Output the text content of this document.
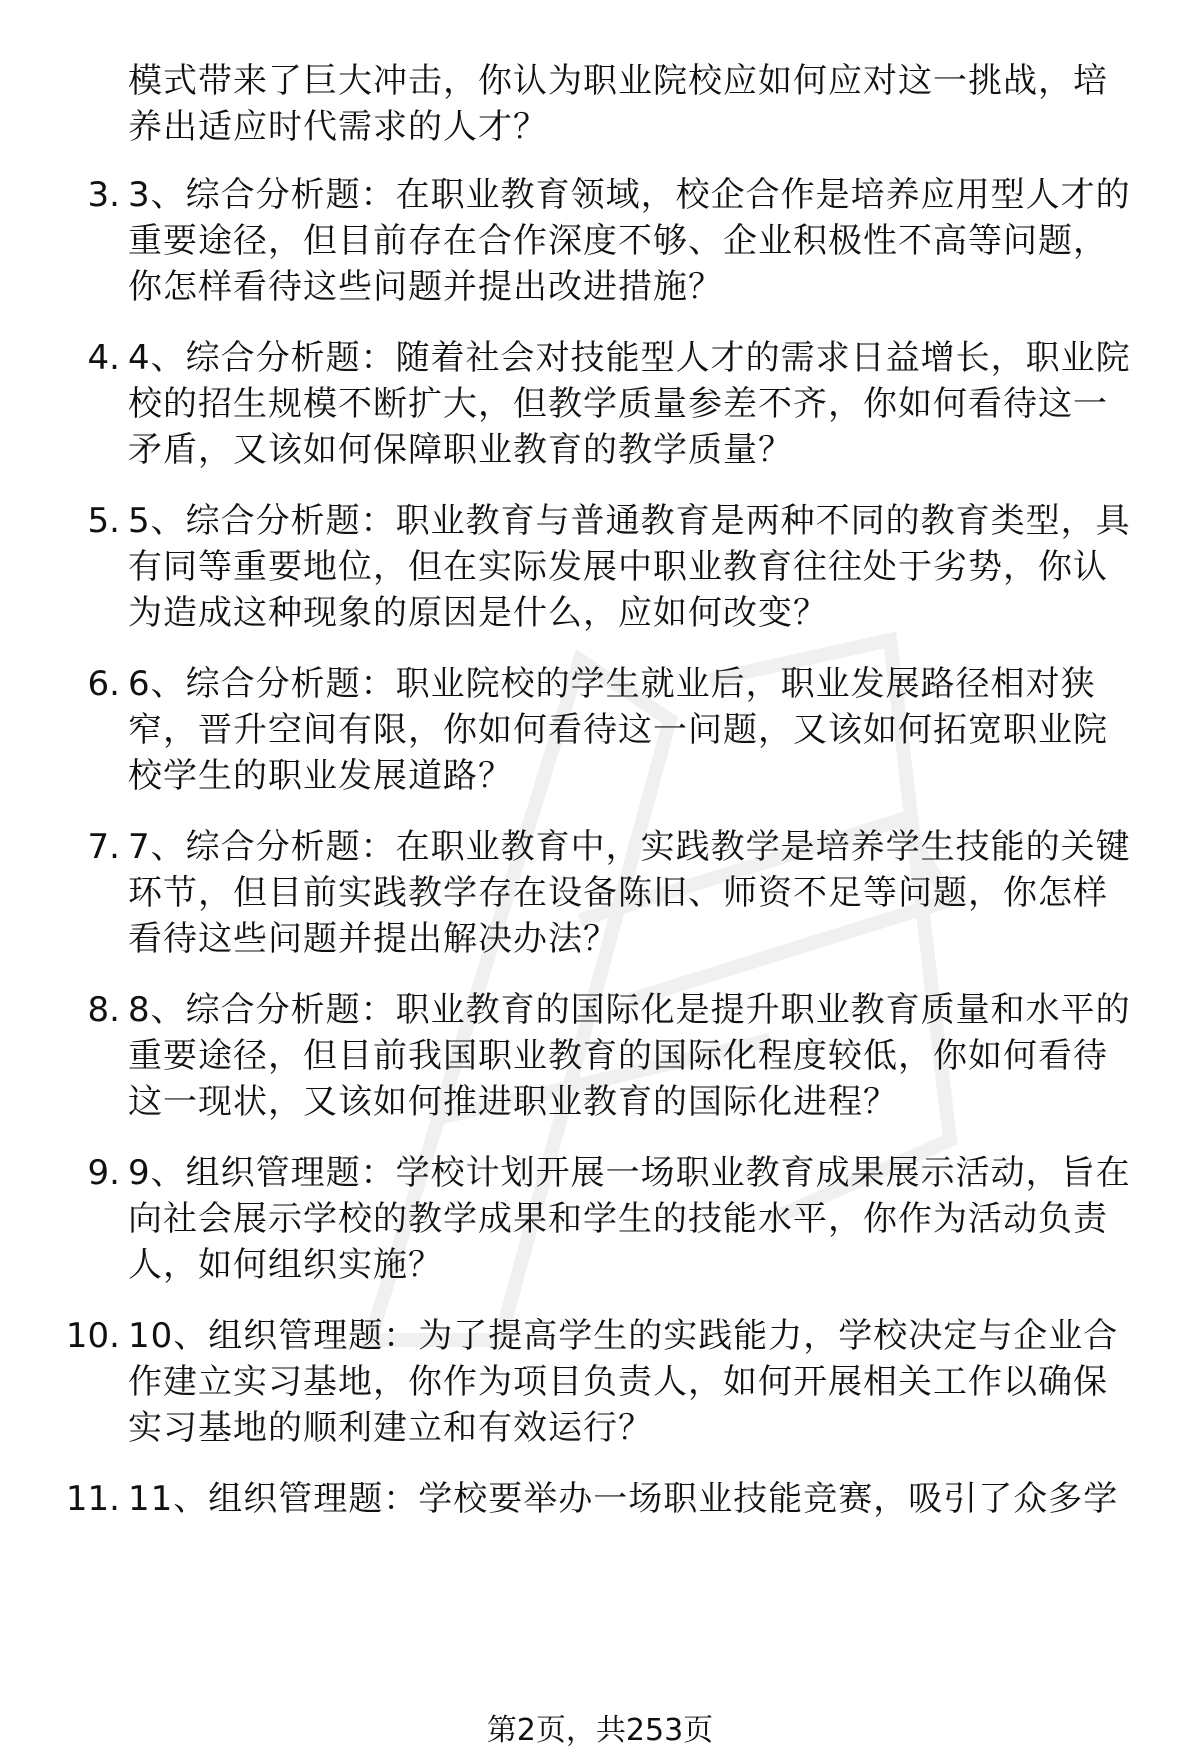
模式带来了巨大冲击，你认为职业院校应如何应对这一挑战，培
养出适应时代需求的人才？
3. 3、综合分析题：在职业教育领域，校企合作是培养应用型人才的
重要途径，但目前存在合作深度不够、企业积极性不高等问题，
你怎样看待这些问题并提出改进措施？
4. 4、综合分析题：随着社会对技能型人才的需求日益增长，职业院
校的招生规模不断扩大，但教学质量参差不齐，你如何看待这一
矛盾，又该如何保障职业教育的教学质量？
5. 5、综合分析题：职业教育与普通教育是两种不同的教育类型，具
有同等重要地位，但在实际发展中职业教育往往处于劣势，你认
为造成这种现象的原因是什么，应如何改变？
6. 6、综合分析题：职业院校的学生就业后，职业发展路径相对狭
窄，晋升空间有限，你如何看待这一问题，又该如何拓宽职业院
校学生的职业发展道路？
7. 7、综合分析题：在职业教育中，实践教学是培养学生技能的关键
环节，但目前实践教学存在设备陈旧、师资不足等问题，你怎样
看待这些问题并提出解决办法？
8. 8、综合分析题：职业教育的国际化是提升职业教育质量和水平的
重要途径，但目前我国职业教育的国际化程度较低，你如何看待
这一现状，又该如何推进职业教育的国际化进程？
9. 9、组织管理题：学校计划开展一场职业教育成果展示活动，旨在
向社会展示学校的教学成果和学生的技能水平，你作为活动负责
人，如何组织实施？
10. 10、组织管理题：为了提高学生的实践能力，学校决定与企业合
作建立实习基地，你作为项目负责人，如何开展相关工作以确保
实习基地的顺利建立和有效运行？
11. 11、组织管理题：学校要举办一场职业技能竞赛，吸引了众多学
第2页，共253页
